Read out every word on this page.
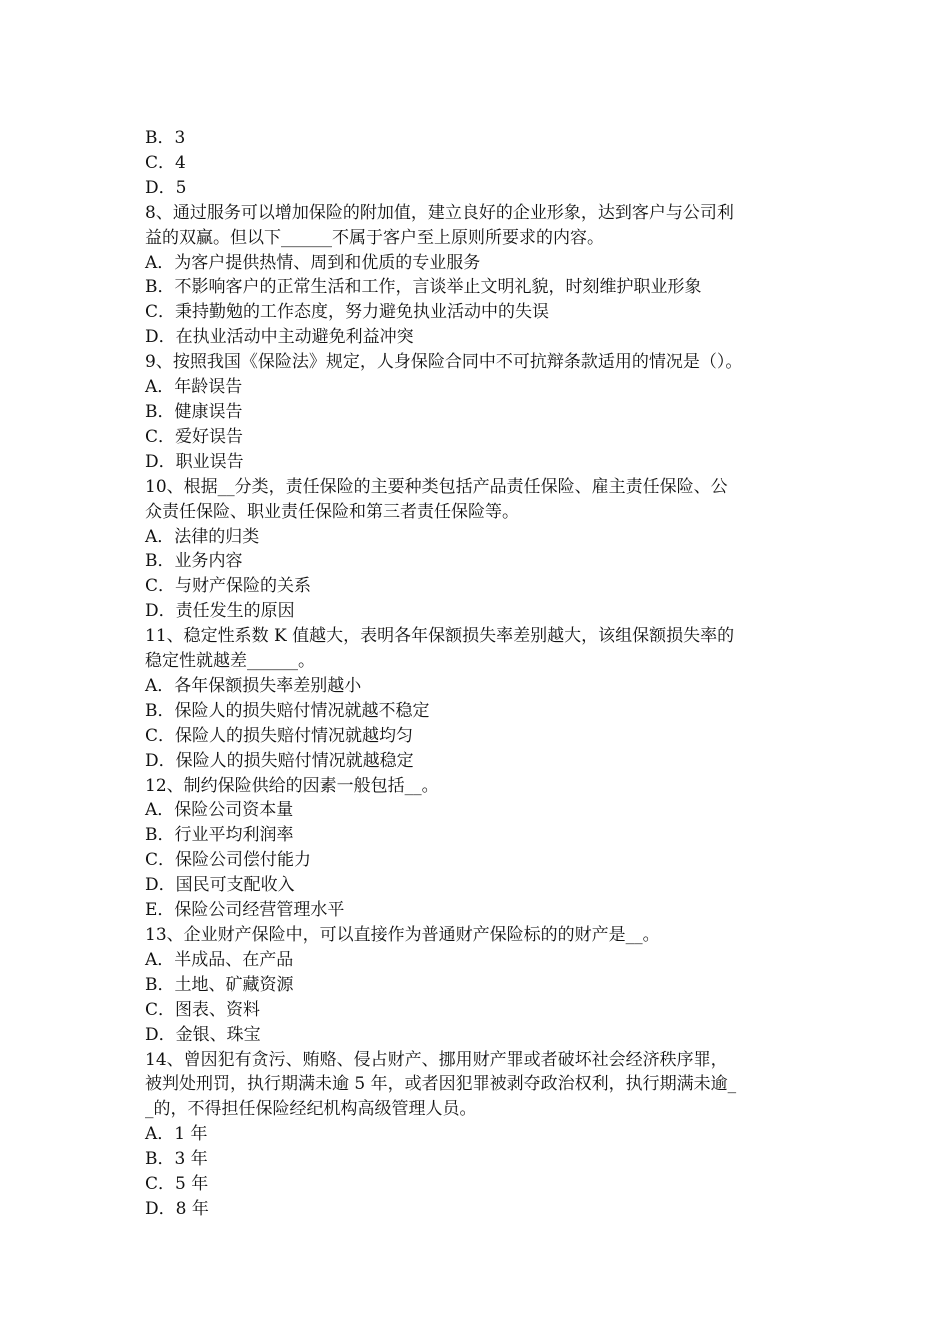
B．3
C．4
D．5
8、通过服务可以增加保险的附加值，建立良好的企业形象，达到客户与公司利
益的双赢。但以下______不属于客户至上原则所要求的内容。
A．为客户提供热情、周到和优质的专业服务
B．不影响客户的正常生活和工作，言谈举止文明礼貌，时刻维护职业形象
C．秉持勤勉的工作态度，努力避免执业活动中的失误
D．在执业活动中主动避免利益冲突
9、按照我国《保险法》规定，人身保险合同中不可抗辩条款适用的情况是（）。
A．年龄误告
B．健康误告
C．爱好误告
D．职业误告
10、根据__分类，责任保险的主要种类包括产品责任保险、雇主责任保险、公
众责任保险、职业责任保险和第三者责任保险等。
A．法律的归类
B．业务内容
C．与财产保险的关系
D．责任发生的原因
11、稳定性系数 K 值越大，表明各年保额损失率差别越大，该组保额损失率的
稳定性就越差______。
A．各年保额损失率差别越小
B．保险人的损失赔付情况就越不稳定
C．保险人的损失赔付情况就越均匀
D．保险人的损失赔付情况就越稳定
12、制约保险供给的因素一般包括__。
A．保险公司资本量
B．行业平均利润率
C．保险公司偿付能力
D．国民可支配收入
E．保险公司经营管理水平
13、企业财产保险中，可以直接作为普通财产保险标的的财产是__。
A．半成品、在产品
B．土地、矿藏资源
C．图表、资料
D．金银、珠宝
14、曾因犯有贪污、贿赂、侵占财产、挪用财产罪或者破坏社会经济秩序罪，
被判处刑罚，执行期满未逾 5 年，或者因犯罪被剥夺政治权利，执行期满未逾_
_的，不得担任保险经纪机构高级管理人员。
A．1 年
B．3 年
C．5 年
D．8 年
